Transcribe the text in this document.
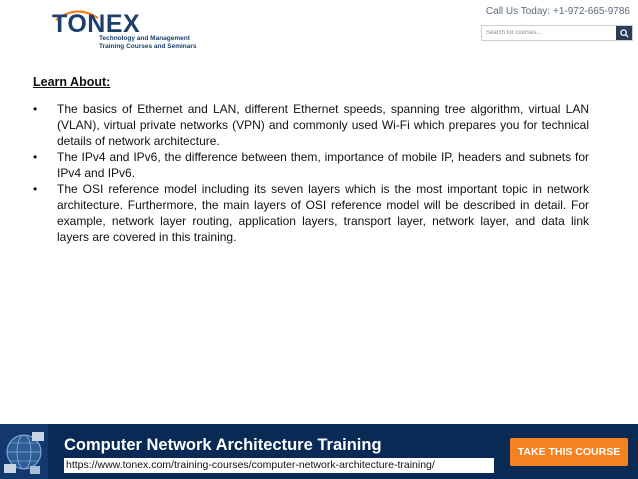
TONEX
Technology and Management
Training Courses and Seminars
Call Us Today: +1-972-665-9786
Search for courses...
Learn About:
• The basics of Ethernet and LAN, different Ethernet speeds, spanning tree algorithm, virtual LAN (VLAN), virtual private networks (VPN) and commonly used Wi-Fi which prepares you for technical details of network architecture.
• The IPv4 and IPv6, the difference between them, importance of mobile IP, headers and subnets for IPv4 and IPv6.
• The OSI reference model including its seven layers which is the most important topic in network architecture. Furthermore, the main layers of OSI reference model will be described in detail. For example, network layer routing, application layers, transport layer, network layer, and data link layers are covered in this training.
Computer Network Architecture Training
https://www.tonex.com/training-courses/computer-network-architecture-training/
TAKE THIS COURSE
